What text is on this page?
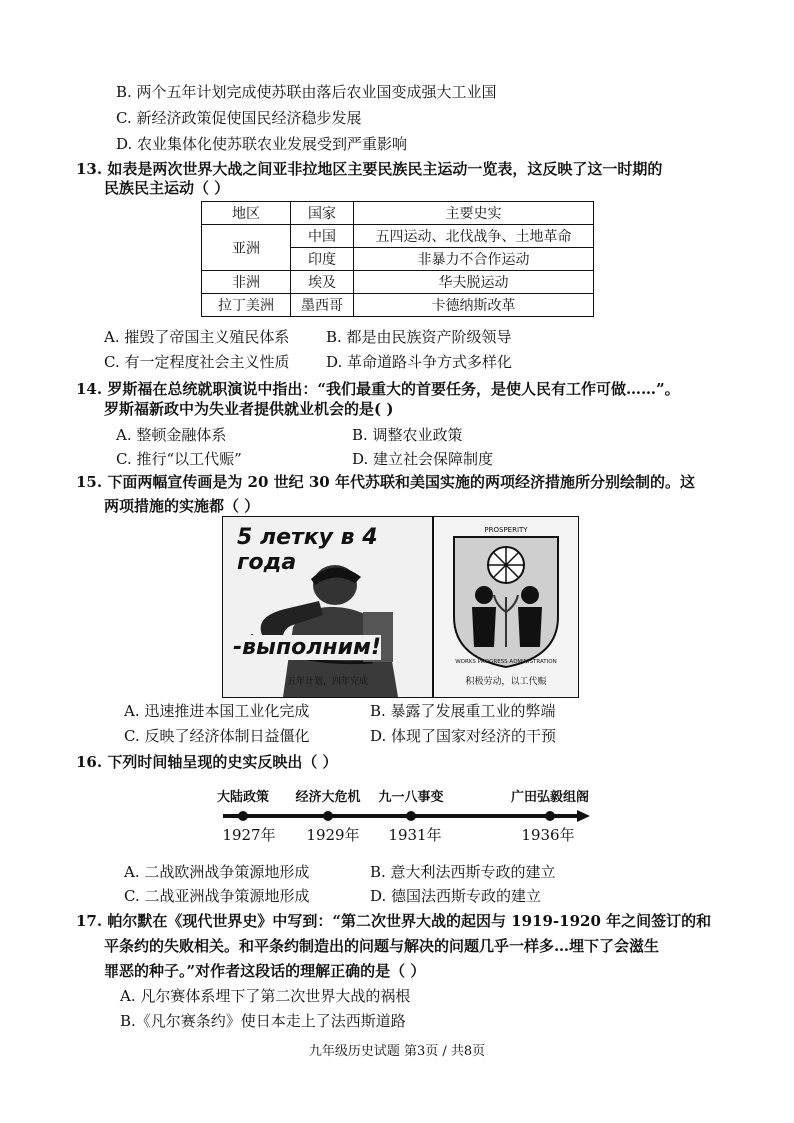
B. 两个五年计划完成使苏联由落后农业国变成强大工业国
C. 新经济政策促使国民经济稳步发展
D. 农业集体化使苏联农业发展受到严重影响
13. 如表是两次世界大战之间亚非拉地区主要民族民主运动一览表，这反映了这一时期的
民族民主运动（ ）
地区	国家	主要史实
亚洲	中国	五四运动、北伐战争、土地革命
	印度	非暴力不合作运动
非洲	埃及	华夫脱运动
拉丁美洲	墨西哥	卡德纳斯改革
A. 摧毁了帝国主义殖民体系 B. 都是由民族资产阶级领导
C. 有一定程度社会主义性质 D. 革命道路斗争方式多样化
14. 罗斯福在总统就职演说中指出：“我们最重大的首要任务，是使人民有工作可做……”。
罗斯福新政中为失业者提供就业机会的是( )
A. 整顿金融体系	B. 调整农业政策
C. 推行“以工代赈”	D. 建立社会保障制度
15. 下面两幅宣传画是为 20 世纪 30 年代苏联和美国实施的两项经济措施所分别绘制的。这
两项措施的实施都（ ）
5 летку в 4 года
-выполним!
五年计划，四年完成
PROSPERITY
WORKS PROGRESS ADMINISTRATION
积极劳动，以工代赈
A. 迅速推进本国工业化完成	B. 暴露了发展重工业的弊端
C. 反映了经济体制日益僵化	D. 体现了国家对经济的干预
16. 下列时间轴呈现的史实反映出（ ）
大陆政策 经济大危机 九一八事变	广田弘毅组阁
1927年 1929年 1931年	1936年
A. 二战欧洲战争策源地形成	B. 意大利法西斯专政的建立
C. 二战亚洲战争策源地形成	D. 德国法西斯专政的建立
17. 帕尔默在《现代世界史》中写到：“第二次世界大战的起因与 1919-1920 年之间签订的和
平条约的失败相关。和平条约制造出的问题与解决的问题几乎一样多…埋下了会滋生
罪恶的种子。”对作者这段话的理解正确的是（ ）
A. 凡尔赛体系埋下了第二次世界大战的祸根
B.《凡尔赛条约》使日本走上了法西斯道路
九年级历史试题 第3页 / 共8页
